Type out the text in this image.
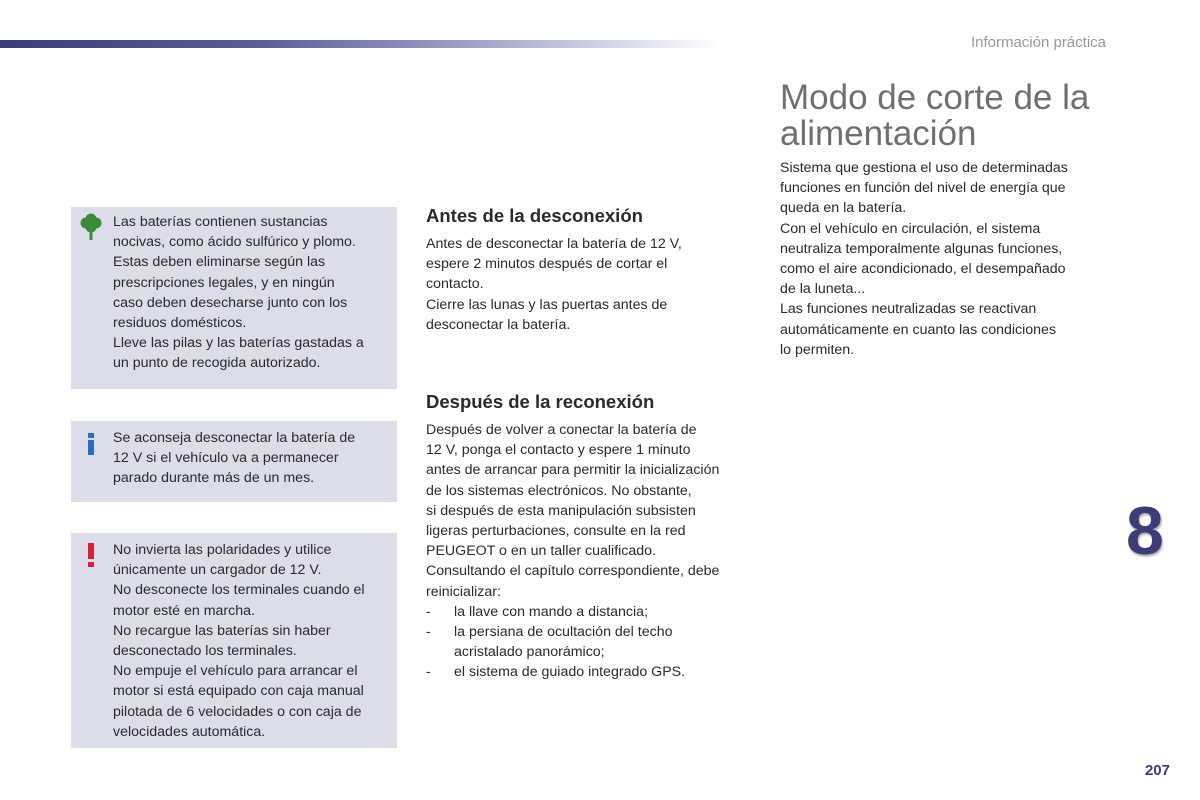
Información práctica
Las baterías contienen sustancias
nocivas, como ácido sulfúrico y plomo.
Estas deben eliminarse según las
prescripciones legales, y en ningún
caso deben desecharse junto con los
residuos domésticos.
Lleve las pilas y las baterías gastadas a
un punto de recogida autorizado.
Se aconseja desconectar la batería de
12 V si el vehículo va a permanecer
parado durante más de un mes.
No invierta las polaridades y utilice
únicamente un cargador de 12 V.
No desconecte los terminales cuando el
motor esté en marcha.
No recargue las baterías sin haber
desconectado los terminales.
No empuje el vehículo para arrancar el
motor si está equipado con caja manual
pilotada de 6 velocidades o con caja de
velocidades automática.
Antes de la desconexión
Antes de desconectar la batería de 12 V,
espere 2 minutos después de cortar el
contacto.
Cierre las lunas y las puertas antes de
desconectar la batería.
Después de la reconexión
Después de volver a conectar la batería de
12 V, ponga el contacto y espere 1 minuto
antes de arrancar para permitir la inicialización
de los sistemas electrónicos. No obstante,
si después de esta manipulación subsisten
ligeras perturbaciones, consulte en la red
PEUGEOT o en un taller cualificado.
Consultando el capítulo correspondiente, debe
reinicializar:
- la llave con mando a distancia;
- la persiana de ocultación del techo
acristalado panorámico;
- el sistema de guiado integrado GPS.
Modo de corte de la
alimentación
Sistema que gestiona el uso de determinadas
funciones en función del nivel de energía que
queda en la batería.
Con el vehículo en circulación, el sistema
neutraliza temporalmente algunas funciones,
como el aire acondicionado, el desempañado
de la luneta...
Las funciones neutralizadas se reactivan
automáticamente en cuanto las condiciones
lo permiten.
8
207
